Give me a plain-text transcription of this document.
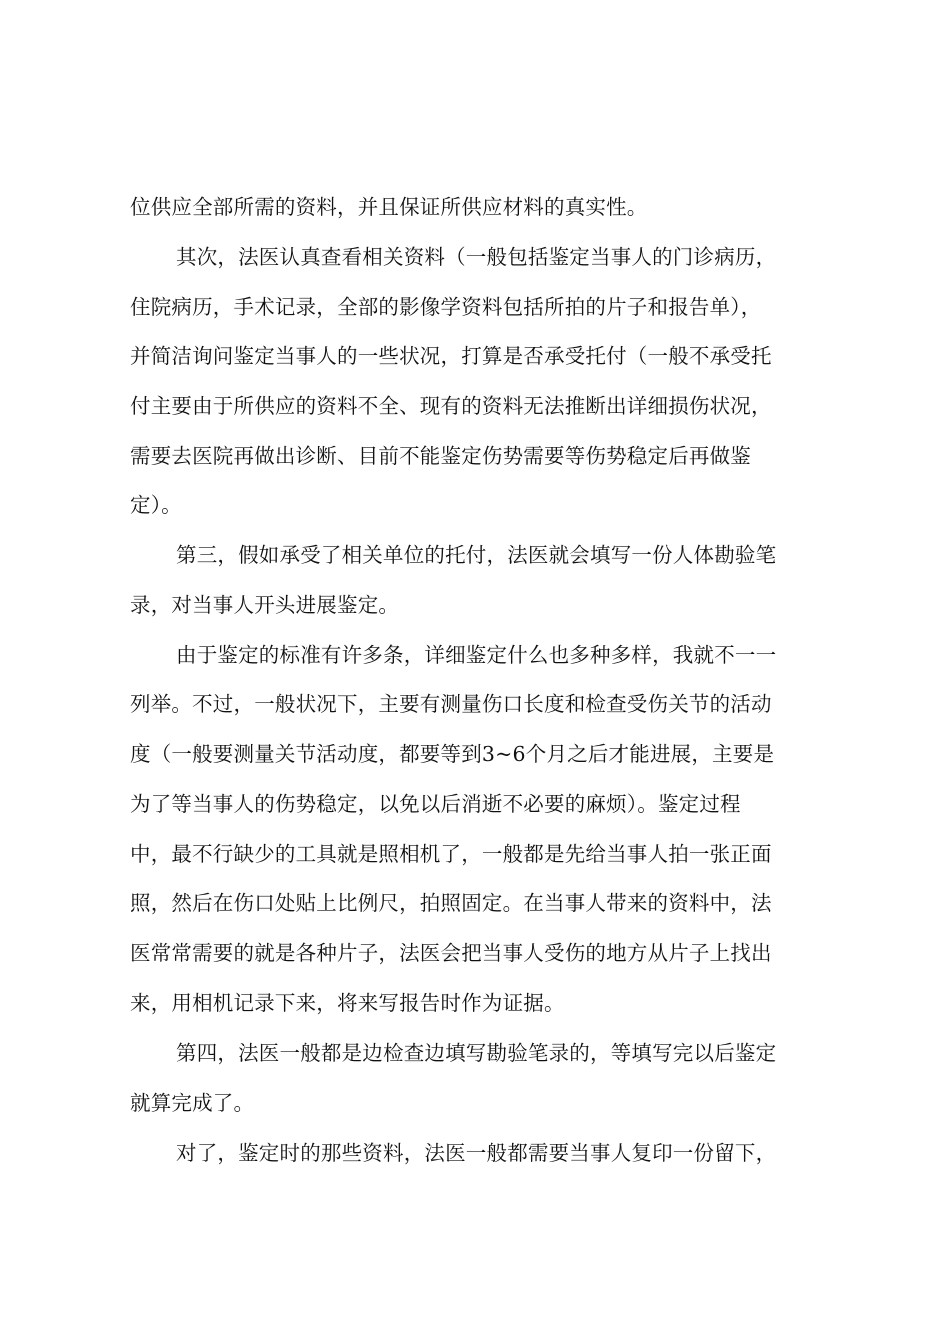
位供应全部所需的资料，并且保证所供应材料的真实性。
其次，法医认真查看相关资料（一般包括鉴定当事人的门诊病历，
住院病历，手术记录，全部的影像学资料包括所拍的片子和报告单），
并简洁询问鉴定当事人的一些状况，打算是否承受托付（一般不承受托
付主要由于所供应的资料不全、现有的资料无法推断出详细损伤状况，
需要去医院再做出诊断、目前不能鉴定伤势需要等伤势稳定后再做鉴
定）。
第三，假如承受了相关单位的托付，法医就会填写一份人体勘验笔
录，对当事人开头进展鉴定。
由于鉴定的标准有许多条，详细鉴定什么也多种多样，我就不一一
列举。不过，一般状况下，主要有测量伤口长度和检查受伤关节的活动
度（一般要测量关节活动度，都要等到3~6个月之后才能进展，主要是
为了等当事人的伤势稳定，以免以后消逝不必要的麻烦）。鉴定过程
中，最不行缺少的工具就是照相机了，一般都是先给当事人拍一张正面
照，然后在伤口处贴上比例尺，拍照固定。在当事人带来的资料中，法
医常常需要的就是各种片子，法医会把当事人受伤的地方从片子上找出
来，用相机记录下来，将来写报告时作为证据。
第四，法医一般都是边检查边填写勘验笔录的，等填写完以后鉴定
就算完成了。
对了，鉴定时的那些资料，法医一般都需要当事人复印一份留下，
